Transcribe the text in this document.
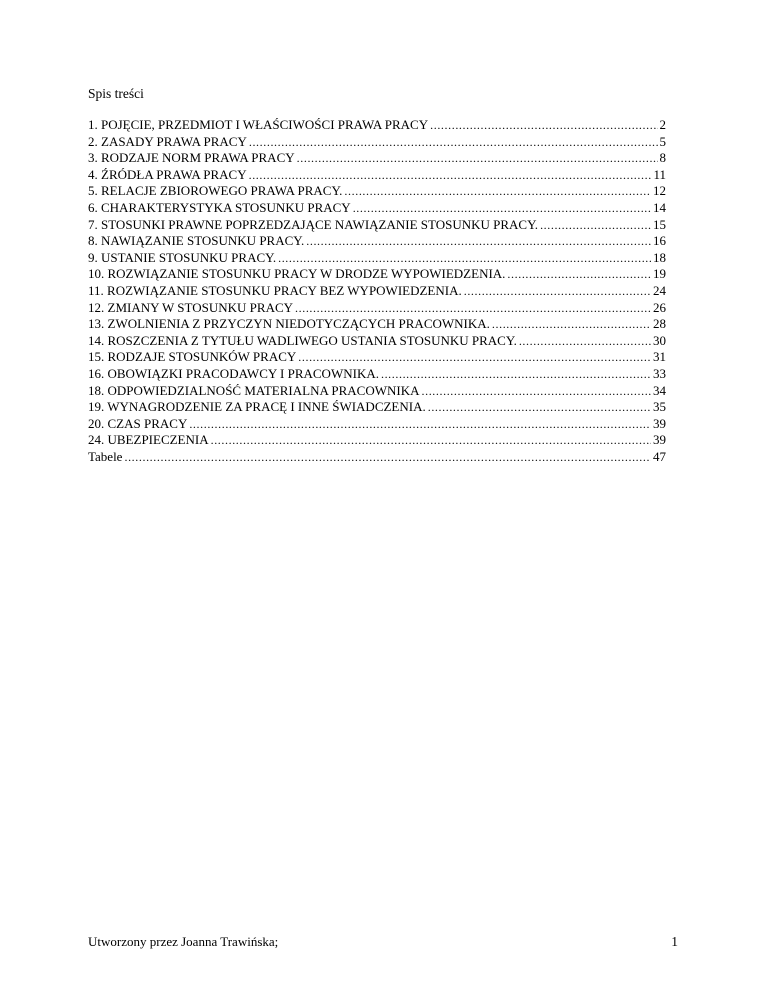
Spis treści
1. POJĘCIE, PRZEDMIOT I WŁAŚCIWOŚCI PRAWA PRACY .....	2
2. ZASADY PRAWA PRACY .....	5
3. RODZAJE NORM PRAWA PRACY .....	8
4. ŹRÓDŁA PRAWA PRACY .....	11
5. RELACJE ZBIOROWEGO PRAWA PRACY. .....	12
6. CHARAKTERYSTYKA STOSUNKU PRACY .....	14
7. STOSUNKI PRAWNE POPRZEDZAJĄCE NAWIĄZANIE STOSUNKU PRACY. .....	15
8. NAWIĄZANIE STOSUNKU PRACY. .....	16
9. USTANIE STOSUNKU PRACY. .....	18
10. ROZWIĄZANIE STOSUNKU PRACY W DRODZE WYPOWIEDZENIA. .....	19
11. ROZWIĄZANIE STOSUNKU PRACY BEZ WYPOWIEDZENIA. .....	24
12. ZMIANY W STOSUNKU PRACY .....	26
13. ZWOLNIENIA Z PRZYCZYN NIEDOTYCZĄCYCH PRACOWNIKA. .....	28
14. ROSZCZENIA Z TYTUŁU WADLIWEGO USTANIA STOSUNKU PRACY. .....	30
15. RODZAJE STOSUNKÓW PRACY .....	31
16. OBOWIĄZKI PRACODAWCY I PRACOWNIKA. .....	33
18. ODPOWIEDZIALNOŚĆ MATERIALNA PRACOWNIKA .....	34
19. WYNAGRODZENIE ZA PRACĘ I INNE ŚWIADCZENIA. .....	35
20. CZAS PRACY .....	39
24. UBEZPIECZENIA .....	39
Tabele .....	47
Utworzony przez Joanna Trawińska;	1
